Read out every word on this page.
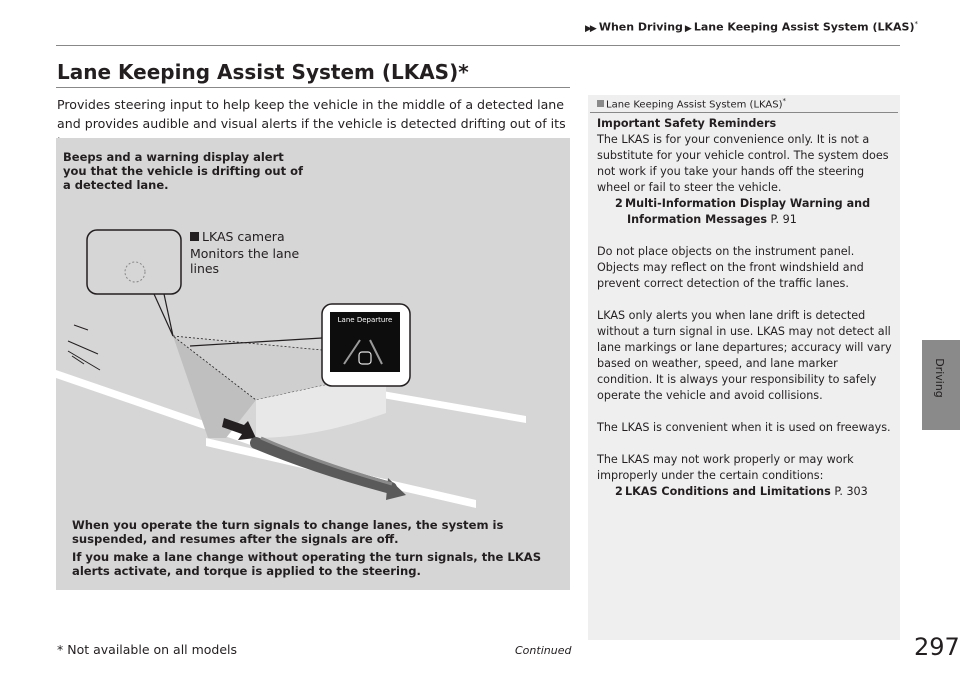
▶▶ When Driving ▶ Lane Keeping Assist System (LKAS)*
Lane Keeping Assist System (LKAS)*
Provides steering input to help keep the vehicle in the middle of a detected lane and provides audible and visual alerts if the vehicle is detected drifting out of its
Driving
Lane Departure
Beeps and a warning display alert you that the vehicle is drifting out of a detected lane.
LKAS camera
Monitors the lane lines
When you operate the turn signals to change lanes, the system is suspended, and resumes after the signals are off.
If you make a lane change without operating the turn signals, the LKAS alerts activate, and torque is applied to the steering.
Lane Keeping Assist System (LKAS)*

Important Safety Reminders
The LKAS is for your convenience only. It is not a substitute for your vehicle control. The system does not work if you take your hands off the steering wheel or fail to steer the vehicle.
2 Multi-Information Display Warning and Information Messages P. 91

Do not place objects on the instrument panel. Objects may reflect on the front windshield and prevent correct detection of the traffic lanes.

LKAS only alerts you when lane drift is detected without a turn signal in use. LKAS may not detect all lane markings or lane departures; accuracy will vary based on weather, speed, and lane marker condition. It is always your responsibility to safely operate the vehicle and avoid collisions.

The LKAS is convenient when it is used on freeways.

The LKAS may not work properly or may work improperly under the certain conditions:
2 LKAS Conditions and Limitations P. 303

* Not available on all models	Continued	297
